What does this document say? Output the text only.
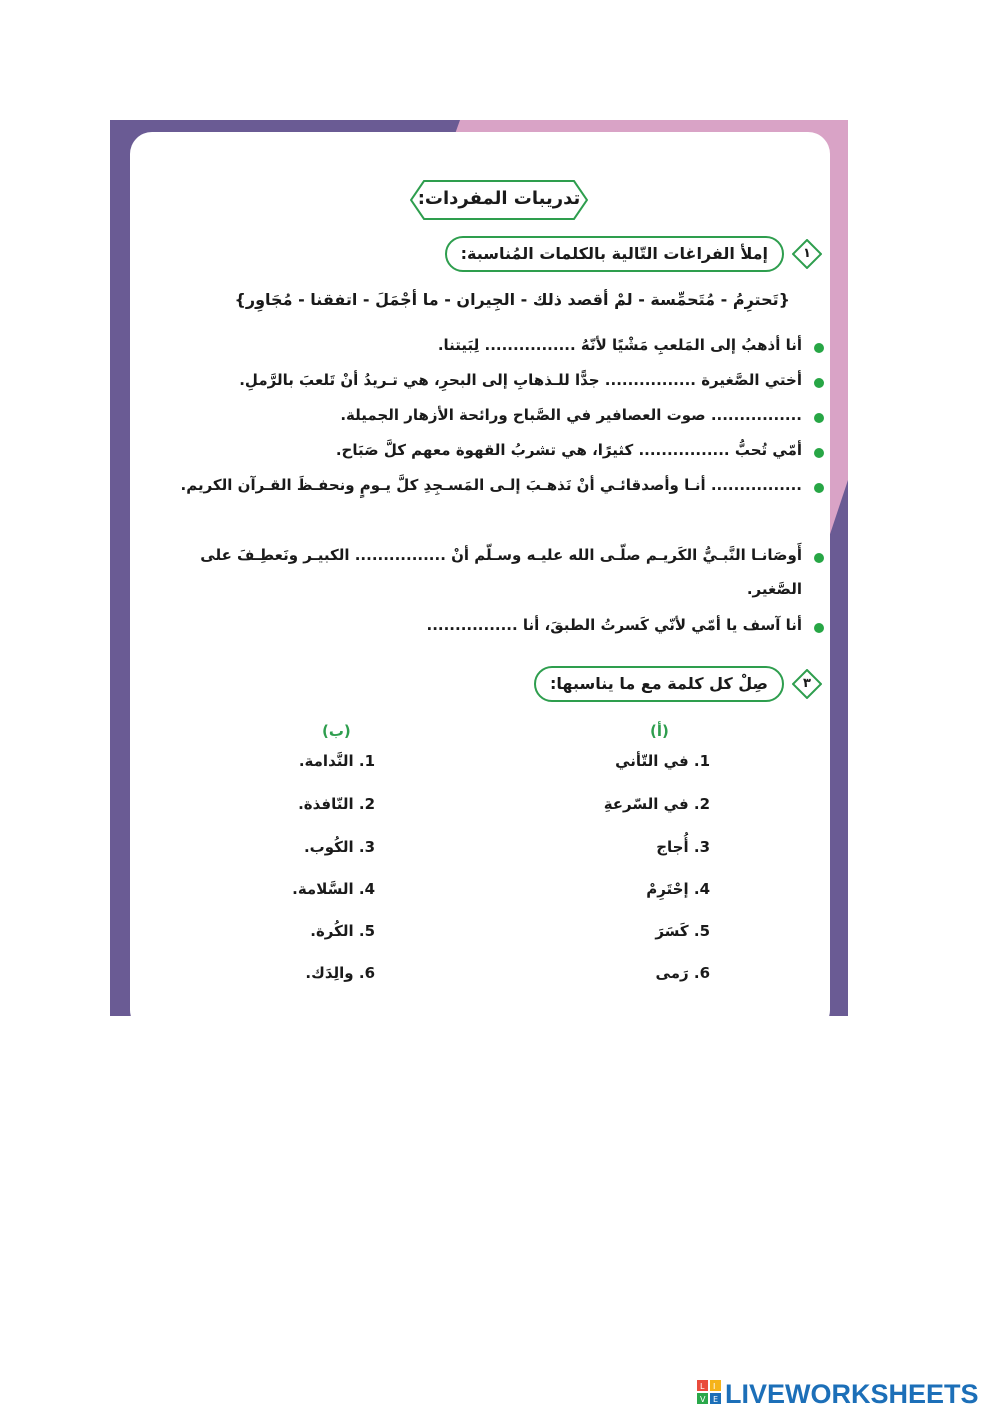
تدريبات المفردات:
١
إملأ الفراغات التّالية بالكلمات المُناسبة:
{تَحترِمُ - مُتَحمِّسة - لمْ أقصد ذلك - الجِيران - ما أجْمَلَ - اتفقنا - مُجَاوِر}
أنا أذهبُ إلى المَلعبِ مَشْيًا لأنّهُ ................ لِبَيتنا.
أختي الصَّغيرة ................ جدًّا للـذهابِ إلى البحرِ، هي تـريدُ أنْ تَلعبَ بالرَّملِ.
................ صوت العصافير في الصَّباح ورائحة الأزهار الجميلة.
أمّي تُحبُّ ................ كثيرًا، هي تشربُ القهوة معهم كلَّ صَبَاح.
................ أنـا وأصدقائـي أنْ نَذهـبَ إلـى المَسـجِدِ كلَّ يـومٍ ونحفـظَ القـرآن الكريم.
أَوصَانـا النَّبـيُّ الكَريـم صلّـى الله عليـه وسـلّم أنْ ................ الكبيـر ونَعطِـفَ على الصَّغير.
أنا آسف يا أمّي لأنّي كَسرتُ الطبقَ، أنا ................
٣
صِلْ كل كلمة مع ما يناسبها:
(أ)
(ب)
1. في التّأني
2. في السّرعةِ
3. أُجاج
4. إحْتَرِمْ
5. كَسَرَ
6. رَمى
1. النَّدامة.
2. النّافذة.
3. الكُوب.
4. السَّلامة.
5. الكُرة.
6. والِدَك.
L I
V E LIVEWORKSHEETS
